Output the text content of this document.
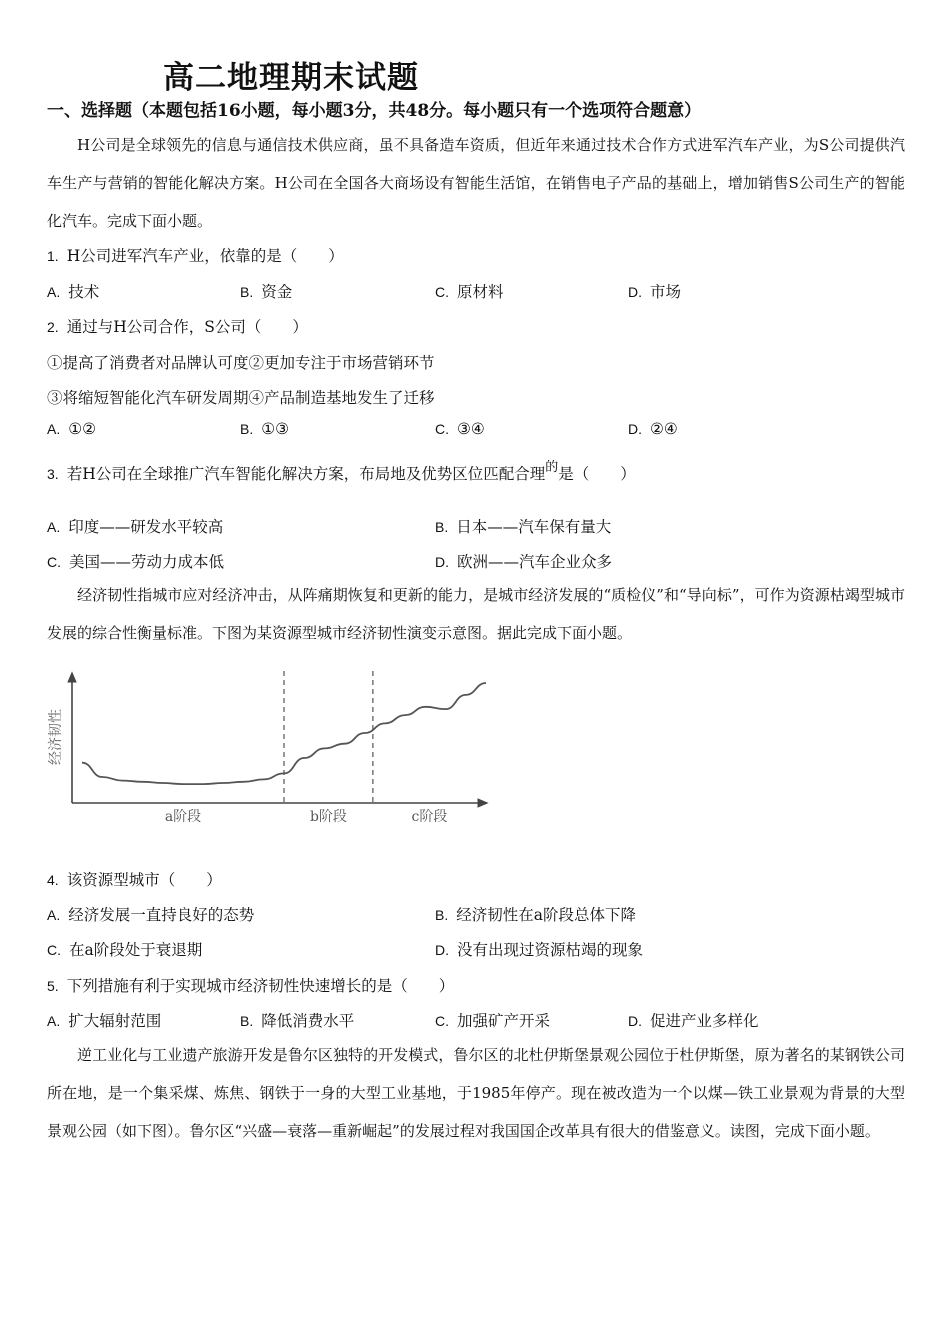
高二地理期末试题
一、选择题（本题包括16小题，每小题3分，共48分。每小题只有一个选项符合题意）
H公司是全球领先的信息与通信技术供应商，虽不具备造车资质，但近年来通过技术合作方式进军汽车产业，为S公司提供汽车生产与营销的智能化解决方案。H公司在全国各大商场设有智能生活馆，在销售电子产品的基础上，增加销售S公司生产的智能化汽车。完成下面小题。
1. H公司进军汽车产业，依靠的是（　　）
A. 技术	B. 资金	C. 原材料	D. 市场
2. 通过与H公司合作，S公司（　　）
①提高了消费者对品牌认可度②更加专注于市场营销环节
③将缩短智能化汽车研发周期④产品制造基地发生了迁移
A. ①②	B. ①③	C. ③④	D. ②④
3. 若H公司在全球推广汽车智能化解决方案，布局地及优势区位匹配合理$^的$是（　　）
A. 印度——研发水平较高	B. 日本——汽车保有量大
C. 美国——劳动力成本低	D. 欧洲——汽车企业众多
经济韧性指城市应对经济冲击，从阵痛期恢复和更新的能力，是城市经济发展的“质检仪”和“导向标”，可作为资源枯竭型城市发展的综合性衡量标准。下图为某资源型城市经济韧性演变示意图。据此完成下面小题。
经济韧性
a阶段	b阶段	c阶段
4. 该资源型城市（　　）
A. 经济发展一直持良好的态势	B. 经济韧性在a阶段总体下降
C. 在a阶段处于衰退期	D. 没有出现过资源枯竭的现象
5. 下列措施有利于实现城市经济韧性快速增长的是（　　）
A. 扩大辐射范围	B. 降低消费水平	C. 加强矿产开采	D. 促进产业多样化
逆工业化与工业遗产旅游开发是鲁尔区独特的开发模式，鲁尔区的北杜伊斯堡景观公园位于杜伊斯堡，原为著名的某钢铁公司所在地，是一个集采煤、炼焦、钢铁于一身的大型工业基地，于1985年停产。现在被改造为一个以煤—铁工业景观为背景的大型景观公园（如下图）。鲁尔区“兴盛—衰落—重新崛起”的发展过程对我国国企改革具有很大的借鉴意义。读图，完成下面小题。
